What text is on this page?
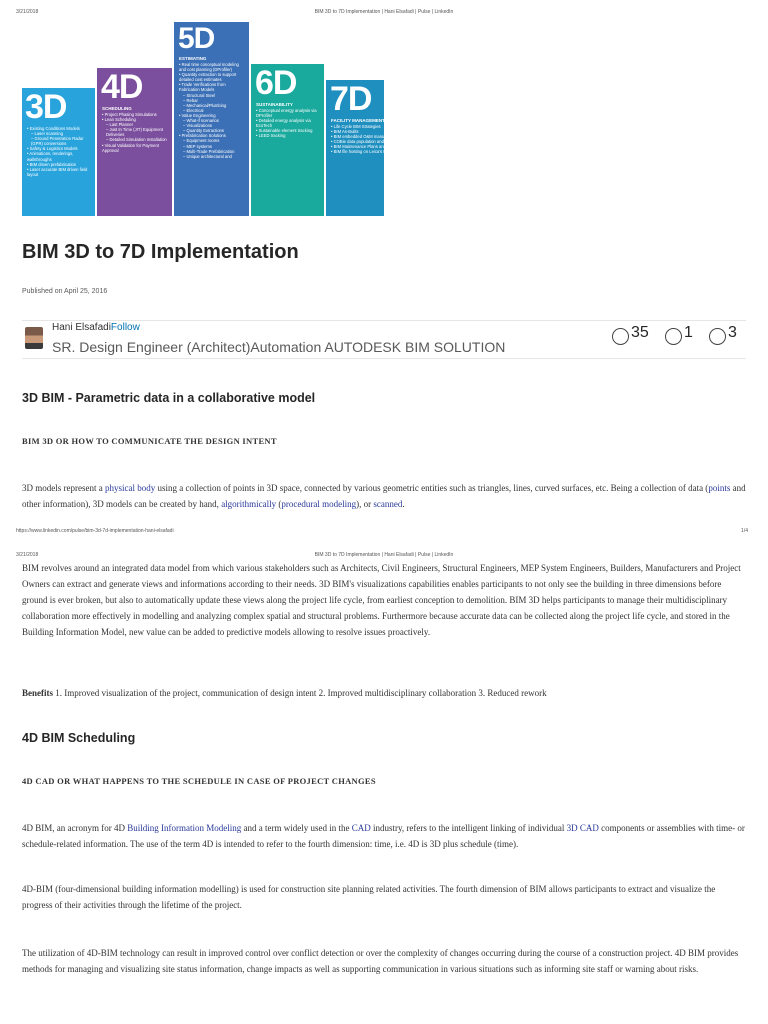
3/21/2018	BIM 3D to 7D Implementation | Hani Elsafadi | Pulse | LinkedIn
3D
• Existing Conditions Models
– Laser scanning
– Ground Penetration Radar (GPR) conversions
• Safety & Logistics Models
• Animations, renderings, walkthroughs
• BIM driven prefabrication
• Laser accurate BIM driven field layout
4D
SCHEDULING
• Project Phasing Simulations
• Lean Scheduling
– Last Planner
– Just In Time (JIT) Equipment Deliveries
– Detailed Simulation Installation
• Visual Validation for Payment Approval
5D
ESTIMATING
• Real time conceptual modeling and cost planning (DProfiler)
• Quantity extraction to support detailed cost estimates
• Trade Verifications from Fabrication Models
– Structural Steel
– Rebar
– Mechanical/Plumbing
– Electrical
• Value Engineering
– What-if scenarios
– Visualizations
– Quantity Extractions
• Prefabrication Solutions
– Equipment rooms
– MEP systems
– Multi-Trade Prefabrication
– Unique architectural and
6D
SUSTAINABILITY
• Conceptual energy analysis via DProfiler
• Detailed energy analysis via EcoTech
• Sustainable element tracking
• LEED tracking
7D
FACILITY MANAGEMENT APPLICATIONS
• Life Cycle BIM Strategies
• BIM As-Builts
• BIM embedded O&M manuals
• COBie data population and extraction
• BIM Maintenance Plans and Technical Support
• BIM file hosting on Leica's Digital Exchange System
BIM 3D to 7D Implementation
Published on April 25, 2016
Hani ElsafadiFollow
SR. Design Engineer (Architect)Automation AUTODESK BIM SOLUTION
35 1 3
3D BIM - Parametric data in a collaborative model
BIM 3D OR HOW TO COMMUNICATE THE DESIGN INTENT

3D models represent a physical body using a collection of points in 3D space, connected by various geometric entities such as triangles, lines, curved surfaces, etc. Being a collection of data (points and other information), 3D models can be created by hand, algorithmically (procedural modeling), or scanned.

https://www.linkedin.com/pulse/bim-3d-7d-implementation-hani-elsafadi	1/4
3/21/2018	BIM 3D to 7D Implementation | Hani Elsafadi | Pulse | LinkedIn

BIM revolves around an integrated data model from which various stakeholders such as Architects, Civil Engineers, Structural Engineers, MEP System Engineers, Builders, Manufacturers and Project Owners can extract and generate views and informations according to their needs. 3D BIM's visualizations capabilities enables participants to not only see the building in three dimensions before ground is ever broken, but also to automatically update these views along the project life cycle, from earliest conception to demolition. BIM 3D helps participants to manage their multidisciplinary collaboration more effectively in modelling and analyzing complex spatial and structural problems. Furthermore because accurate data can be collected along the project life cycle, and stored in the Building Information Model, new value can be added to predictive models allowing to resolve issues proactively.

Benefits 1. Improved visualization of the project, communication of design intent 2. Improved multidisciplinary collaboration 3. Reduced rework

4D BIM Scheduling
4D CAD OR WHAT HAPPENS TO THE SCHEDULE IN CASE OF PROJECT CHANGES

4D BIM, an acronym for 4D Building Information Modeling and a term widely used in the CAD industry, refers to the intelligent linking of individual 3D CAD components or assemblies with time- or schedule-related information. The use of the term 4D is intended to refer to the fourth dimension: time, i.e. 4D is 3D plus schedule (time).

4D-BIM (four-dimensional building information modelling) is used for construction site planning related activities. The fourth dimension of BIM allows participants to extract and visualize the progress of their activities through the lifetime of the project.

The utilization of 4D-BIM technology can result in improved control over conflict detection or over the complexity of changes occurring during the course of a construction project. 4D BIM provides methods for managing and visualizing site status information, change impacts as well as supporting communication in various situations such as informing site staff or warning about risks.
